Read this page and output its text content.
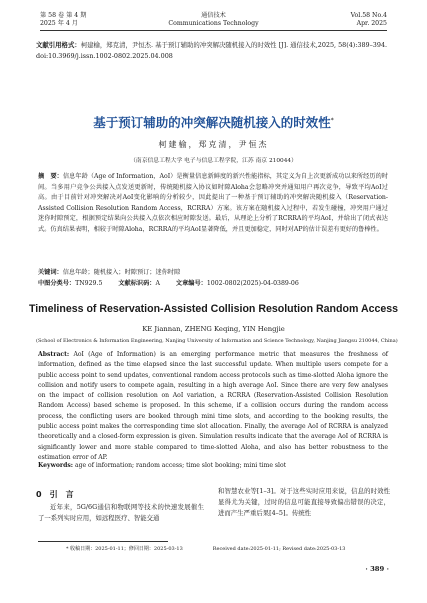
第 58 卷 第 4 期
2025 年 4 月
通信技术
Communications Technology
Vol.58 No.4
Apr. 2025
文献引用格式：柯建榆，郑克清，尹恒杰. 基于预订辅助的冲突解决随机接入的时效性 [J]. 通信技术,2025, 58(4):389–394.
doi:10.3969/j.issn.1002-0802.2025.04.008
基于预订辅助的冲突解决随机接入的时效性*
柯建榆，郑克清，尹恒杰
（南京信息工程大学 电子与信息工程学院，江苏 南京 210044）
摘　要：信息年龄（Age of Information，AoI）是衡量信息新鲜度的新兴性能指标，其定义为自上次更新成功以来所经历的时间。当多用户竞争公共接入点发送更新时，传统随机接入协议如时隙Aloha会忽略冲突并通知用户再次竞争，导致平均AoI过高。由于目前针对冲突解决对AoI变化影响的分析较少，因此提出了一种基于预订辅助的冲突解决随机接入（Reservation-Assisted Collision Resolution Random Access，RCRRA）方案。该方案在随机接入过程中，若发生碰撞，冲突用户通过迷你时隙预定，根据预定结果向公共接入点依次相应时隙发送。最后，从理论上分析了RCRRA的平均AoI，并给出了闭式表达式。仿真结果表明，相较于时隙Aloha，RCRRA的平均AoI显著降低，并且更加稳定，同时对AP的估计误差有更好的鲁棒性。
关键词：信息年龄；随机接入；时隙预订；迷你时隙
中图分类号：TN929.5	文献标识码：A	文章编号：1002-0802(2025)-04-0389-06
Timeliness of Reservation-Assisted Collision Resolution Random Access
KE Jiannan, ZHENG Keqing, YIN Hengjie
(School of Electronics & Information Engineering, Nanjing University of Information and Science Technology, Nanjing Jiangsu 210044, China)
Abstract: AoI (Age of Information) is an emerging performance metric that measures the freshness of information, defined as the time elapsed since the last successful update. When multiple users compete for a public access point to send updates, conventional random access protocols such as time-slotted Aloha ignore the collision and notify users to compete again, resulting in a high average AoI. Since there are very few analyses on the impact of collision resolution on AoI variation, a RCRRA (Reservation-Assisted Collision Resolution Random Access) based scheme is proposed. In this scheme, if a collision occurs during the random access process, the conflicting users are booked through mini time slots, and according to the booking results, the public access point makes the corresponding time slot allocation. Finally, the average AoI of RCRRA is analyzed theoretically and a closed-form expression is given. Simulation results indicate that the average AoI of RCRRA is significantly lower and more stable compared to time-slotted Aloha, and also has better robustness to the estimation error of AP.
Keywords: age of information; random access; time slot booking; mini time slot
0　引　言
近年来，5G/6G通信和物联网等技术的快速发展催生了一系列实时应用，如远程医疗、智能交通
和智慧农业等[1–3]。对于这些实时应用来说，信息的时效性显得尤为关键，过时的信息可能直接导致偏出错误的决定，进而产生严重后果[4–5]。传统性
* 收稿日期：2025-01-11；修回日期：2025-03-13	Received date:2025-01-11; Revised date:2025-03-13
· 389 ·
